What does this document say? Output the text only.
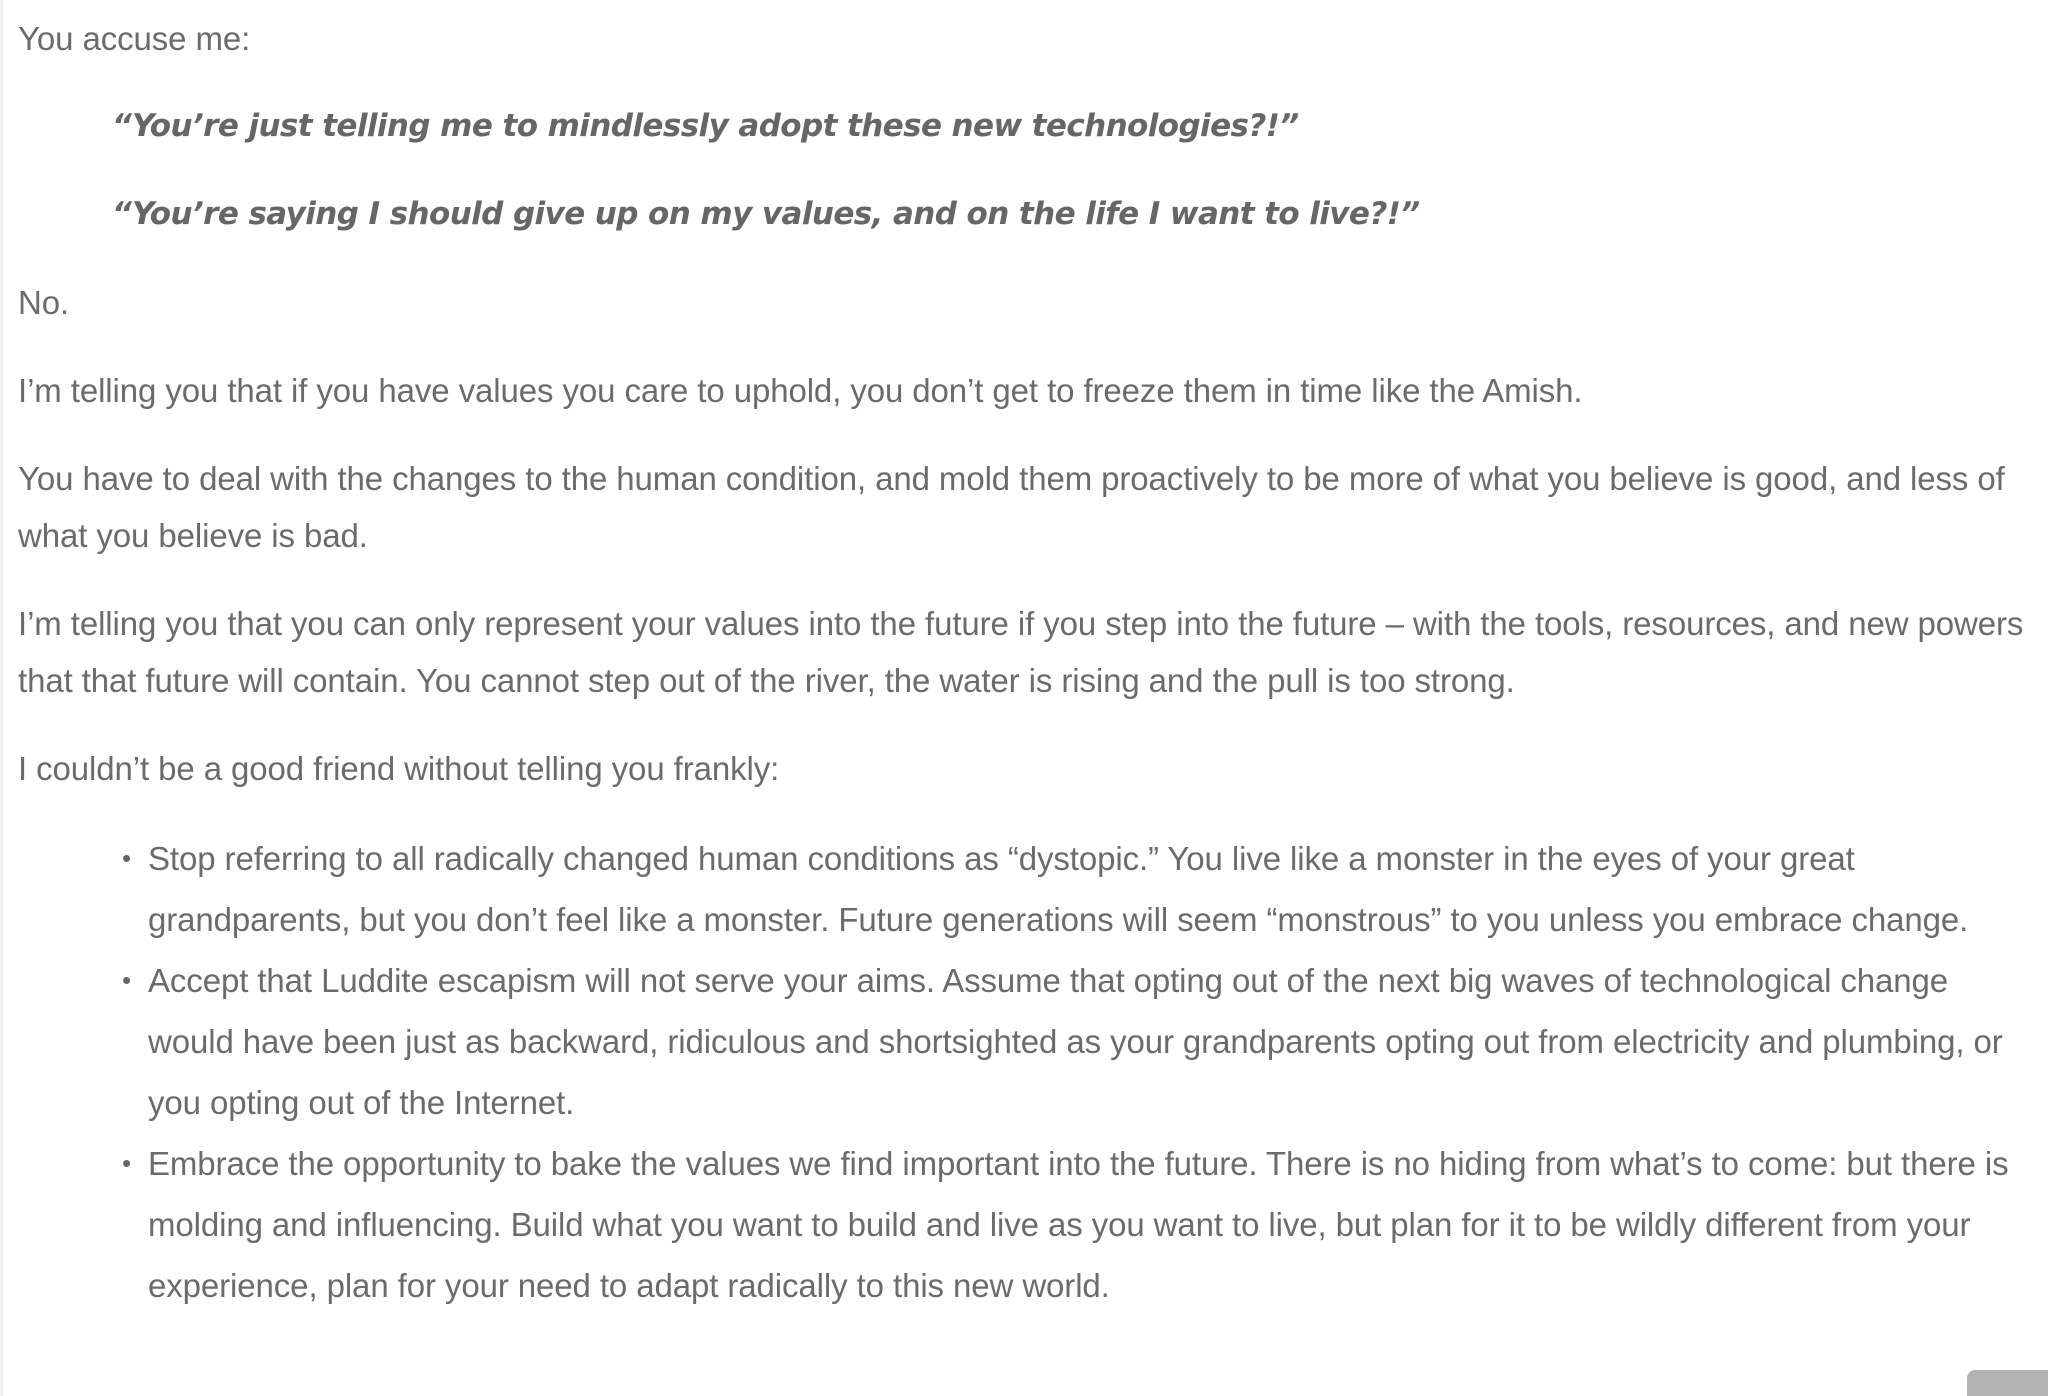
You accuse me:

“You’re just telling me to mindlessly adopt these new technologies?!”

“You’re saying I should give up on my values, and on the life I want to live?!”

No.

I’m telling you that if you have values you care to uphold, you don’t get to freeze them in time like the Amish.

You have to deal with the changes to the human condition, and mold them proactively to be more of what you believe is good, and less of what you believe is bad.

I’m telling you that you can only represent your values into the future if you step into the future – with the tools, resources, and new powers that that future will contain. You cannot step out of the river, the water is rising and the pull is too strong.

I couldn’t be a good friend without telling you frankly:

• Stop referring to all radically changed human conditions as “dystopic.” You live like a monster in the eyes of your great grandparents, but you don’t feel like a monster. Future generations will seem “monstrous” to you unless you embrace change.
• Accept that Luddite escapism will not serve your aims. Assume that opting out of the next big waves of technological change would have been just as backward, ridiculous and shortsighted as your grandparents opting out from electricity and plumbing, or you opting out of the Internet.
• Embrace the opportunity to bake the values we find important into the future. There is no hiding from what’s to come: but there is molding and influencing. Build what you want to build and live as you want to live, but plan for it to be wildly different from your experience, plan for your need to adapt radically to this new world.
